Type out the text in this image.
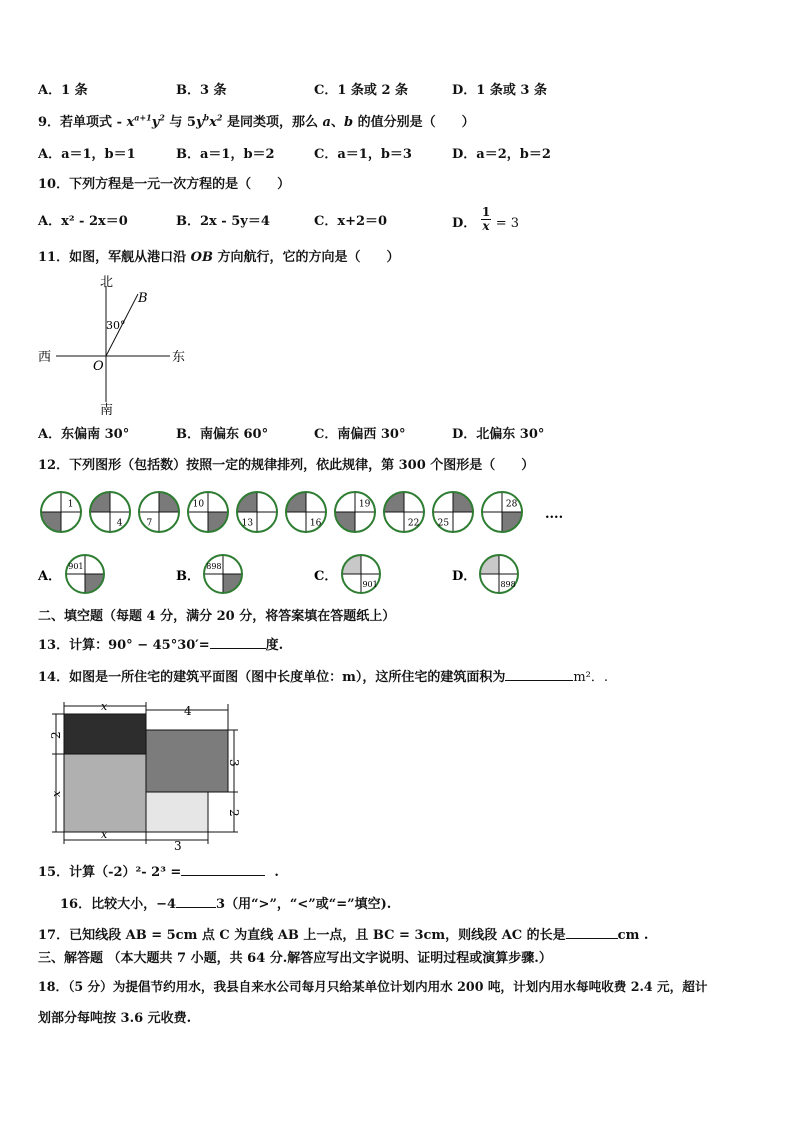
A．1 条	B．3 条	C．1 条或 2 条	D．1 条或 3 条
9．若单项式 - $x^{a+1}y^2$ 与 $5y^bx^2$ 是同类项，那么 a、b 的值分别是（　　）
A．a＝1，b＝1	B．a＝1，b＝2	C．a＝1，b＝3	D．a＝2，b＝2
10．下列方程是一元一次方程的是（　　）
A．x² - 2x＝0	B．2x - 5y＝4	C．x+2＝0	D． $\frac{1}{x} = 3$
11．如图，军舰从港口沿 OB 方向航行，它的方向是（　　）
北
南
西	东
O
B
30°
A．东偏南 30°	B．南偏东 60°	C．南偏西 30°	D．北偏东 30°
12．下列图形（包括数）按照一定的规律排列，依此规律，第 300 个图形是（　　）
1
4	7
10
13	16
19
22 25
28
....
A．
901
B．
898
C．
901
D．
898
二、填空题（每题 4 分，满分 20 分，将答案填在答题纸上）
13．计算：90° − 45°30′=	度.
14．如图是一所住宅的建筑平面图（图中长度单位：m），这所住宅的建筑面积为	m²．.
x	4
2
x
3
2
x
3
15．计算（-2）²- 2³ =	.
16．比较大小，−4	3（用“>”，“<”或“=”填空).
17．已知线段 AB = 5cm 点 C 为直线 AB 上一点，且 BC = 3cm，则线段 AC 的长是	cm .
三、解答题 （本大题共 7 小题，共 64 分.解答应写出文字说明、证明过程或演算步骤.）
18．（5 分）为提倡节约用水，我县自来水公司每月只给某单位计划内用水 200 吨，计划内用水每吨收费 2.4 元，超计
划部分每吨按 3.6 元收费.
